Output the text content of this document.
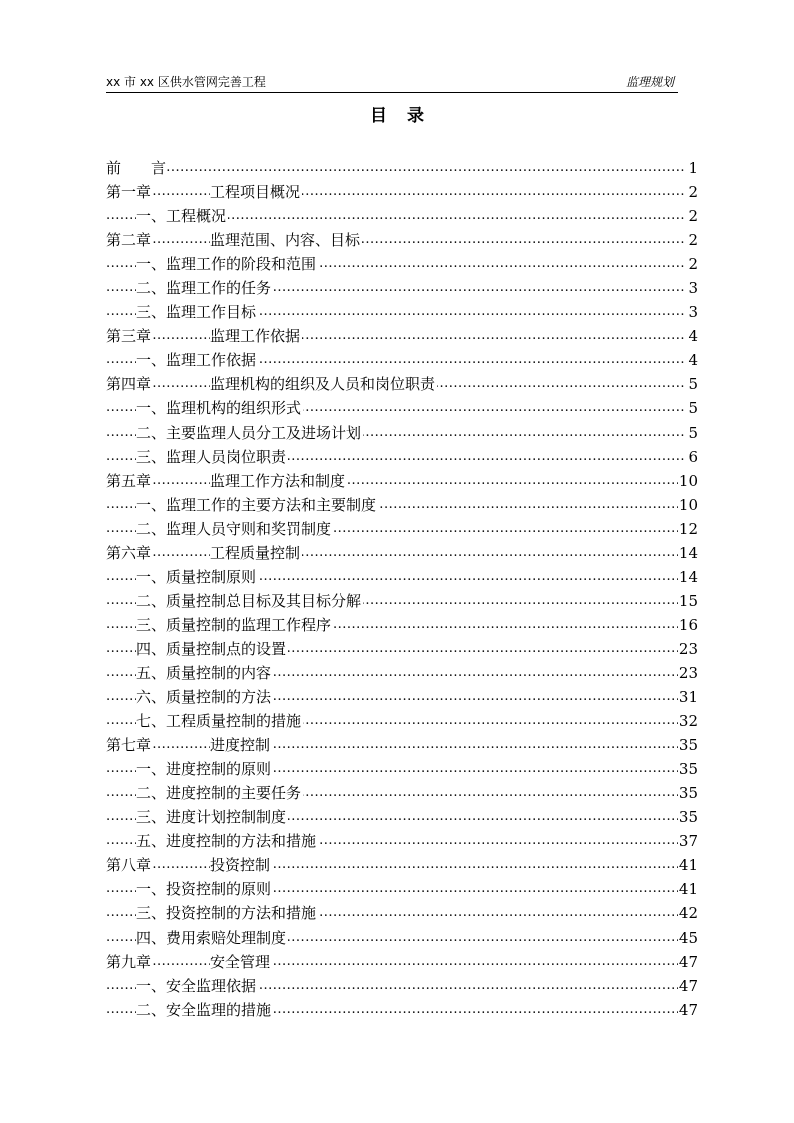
xx 市 xx 区供水管网完善工程	监理规划
目录
.....
前　　言	1
.....
第一章	工程项目概况	2
.....
一、工程概况	2
.....
第二章	监理范围、内容、目标	2
.....
一、监理工作的阶段和范围	2
.....
二、监理工作的任务	3
.....
三、监理工作目标	3
.....
第三章	监理工作依据	4
.....
一、监理工作依据	4
.....
第四章	监理机构的组织及人员和岗位职责	5
.....
一、监理机构的组织形式	5
.....
二、主要监理人员分工及进场计划	5
.....
三、监理人员岗位职责	6
.....
第五章	监理工作方法和制度	10
.....
一、监理工作的主要方法和主要制度	10
.....
二、监理人员守则和奖罚制度	12
.....
第六章	工程质量控制	14
.....
一、质量控制原则	14
.....
二、质量控制总目标及其目标分解	15
.....
三、质量控制的监理工作程序	16
.....
四、质量控制点的设置	23
.....
五、质量控制的内容	23
.....
六、质量控制的方法	31
.....
七、工程质量控制的措施	32
.....
第七章	进度控制	35
.....
一、进度控制的原则	35
.....
二、进度控制的主要任务	35
.....
三、进度计划控制制度	35
.....
五、进度控制的方法和措施	37
.....
第八章	投资控制	41
.....
一、投资控制的原则	41
.....
三、投资控制的方法和措施	42
.....
四、费用索赔处理制度	45
.....
第九章	安全管理	47
.....
一、安全监理依据	47
.....
二、安全监理的措施	47
